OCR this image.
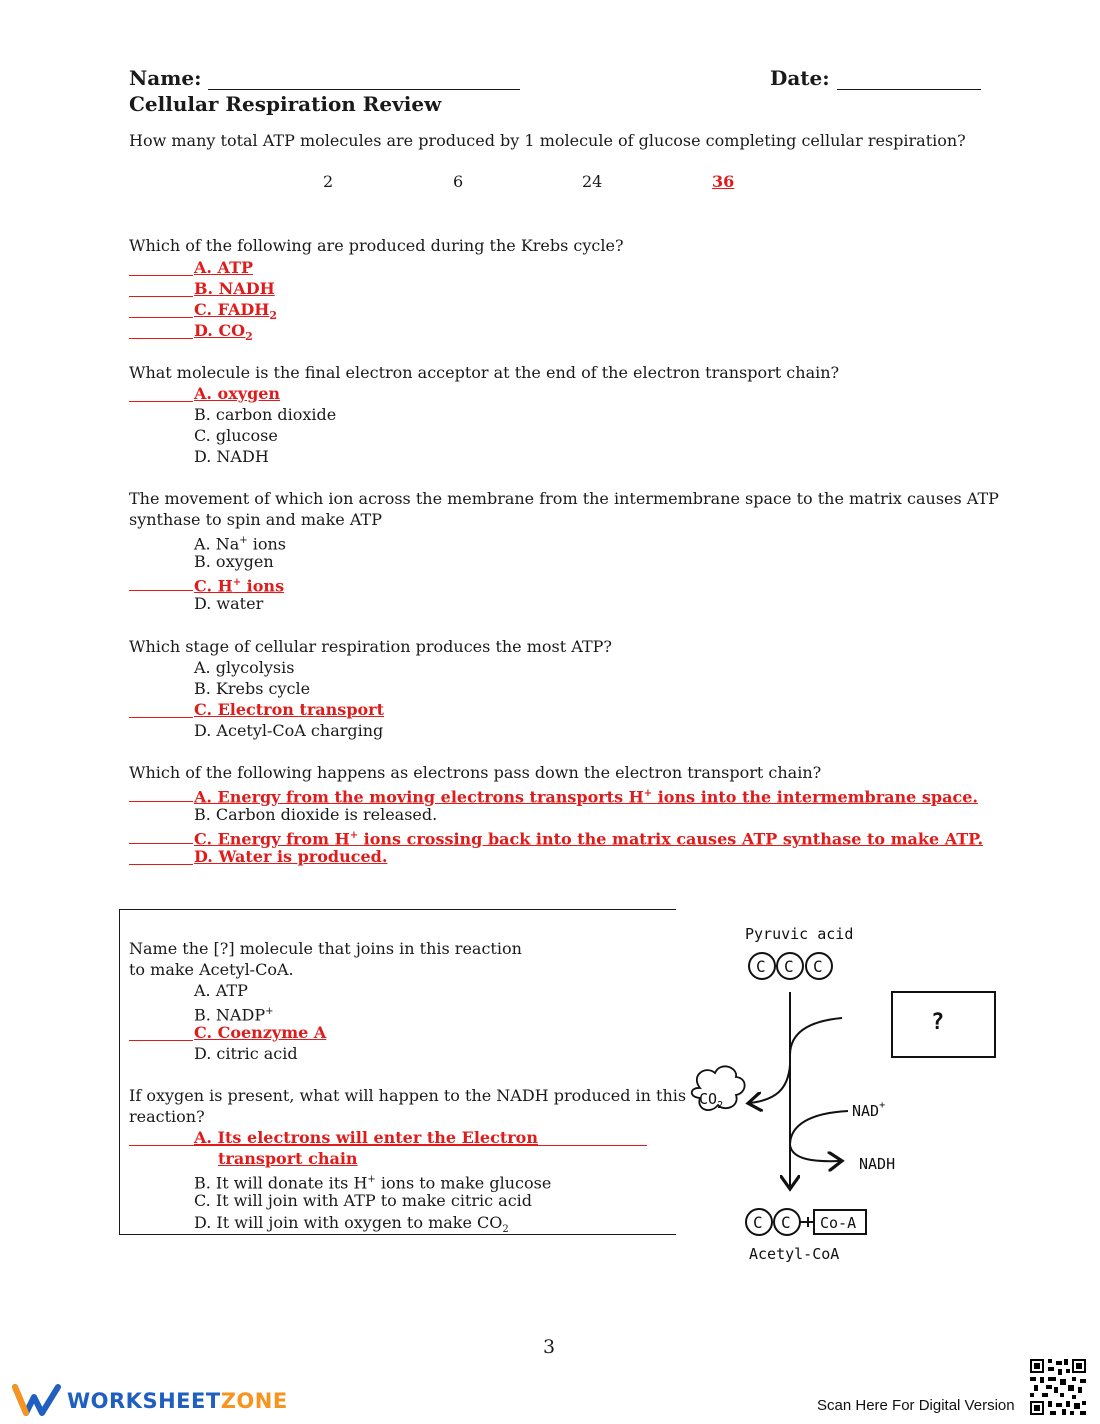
Name:	Date:
Cellular Respiration Review
How many total ATP molecules are produced by 1 molecule of glucose completing cellular respiration?
2	6	24	36
Which of the following are produced during the Krebs cycle?
A. ATP
B. NADH
C. $FADH_2$
D. $CO_2$
What molecule is the final electron acceptor at the end of the electron transport chain?
A. oxygen
B. carbon dioxide
C. glucose
D. NADH
The movement of which ion across the membrane from the intermembrane space to the matrix causes ATP
synthase to spin and make ATP
A. Na+ ions
B. oxygen
C. H+ ions
D. water
Which stage of cellular respiration produces the most ATP?
A. glycolysis
B. Krebs cycle
C. Electron transport
D. Acetyl-CoA charging
Which of the following happens as electrons pass down the electron transport chain?
A. Energy from the moving electrons transports H+ ions into the intermembrane space.
B. Carbon dioxide is released.
C. Energy from H+ ions crossing back into the matrix causes ATP synthase to make ATP.
D. Water is produced.
Name the [?] molecule that joins in this reaction
to make Acetyl-CoA.
A. ATP
B. NADP+
C. Coenzyme A
D. citric acid
If oxygen is present, what will happen to the NADH produced in this
reaction?
A. Its electrons will enter the Electron
transport chain
B. It will donate its H+ ions to make glucose
C. It will join with ATP to make citric acid
D. It will join with oxygen to make $CO_2$
Pyruvic acid
C C C
?
$CO_2$	NAD+
NADH
C C Co-A
Acetyl-CoA
3
WORKSHEETZONE	Scan Here For Digital Version
